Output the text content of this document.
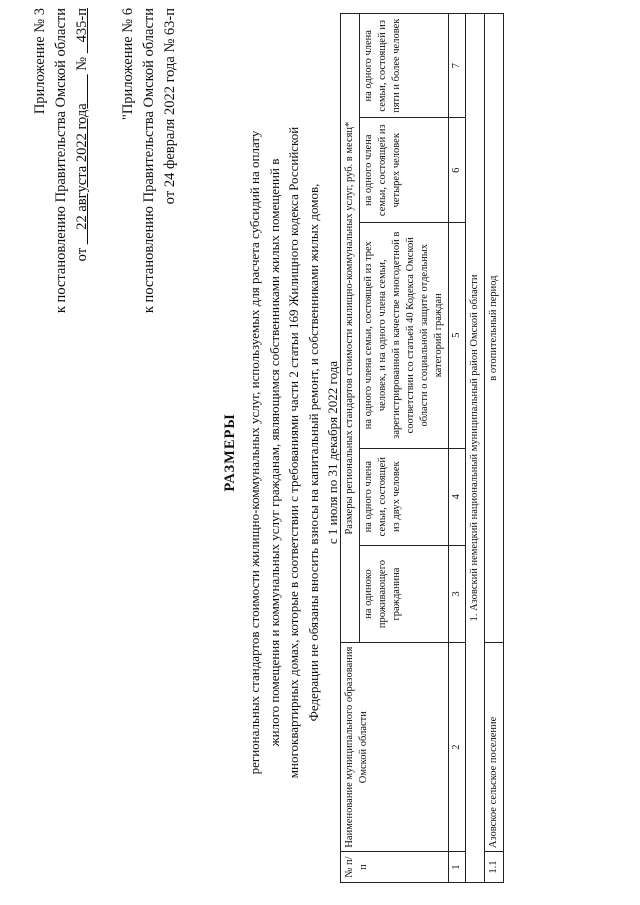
Приложение № 3 к постановлению Правительства Омской области от     22 августа 2022 года         №    435-п "Приложение № 6 к постановлению Правительства Омской области от 24 февраля 2022 года № 63-п
РАЗМЕРЫ региональных стандартов стоимости жилищно-коммунальных услуг, используемых для расчета субсидий на оплату жилого помещения и коммунальных услуг гражданам, являющимся собственниками жилых помещений в многоквартирных домах, которые в соответствии с требованиями части 2 статьи 169 Жилищного кодекса Российской Федерации не обязаны вносить взносы на капитальный ремонт, и собственниками жилых домов, с 1 июля по 31 декабря 2022 года
№ п/п	Наименование муниципального образования Омской области	Размеры региональных стандартов стоимости жилищно-коммунальных услуг, руб. в месяц*				
		на одиноко проживающего гражданина	на одного члена семьи, состоящей из двух человек	на одного члена семьи, состоящей из трех человек, и на одного члена семьи, зарегистрированной в качестве многодетной в соответствии со статьей 40 Кодекса Омской области о социальной защите отдельных категорий граждан	на одного члена семьи, состоящей из четырех человек	на одного члена семьи, состоящей из пяти и более человек
1	2	3	4	5	6	7
1. Азовский немецкий национальный муниципальный район Омской области						
1.1	Азовское сельское поселение	в отопительный период				
